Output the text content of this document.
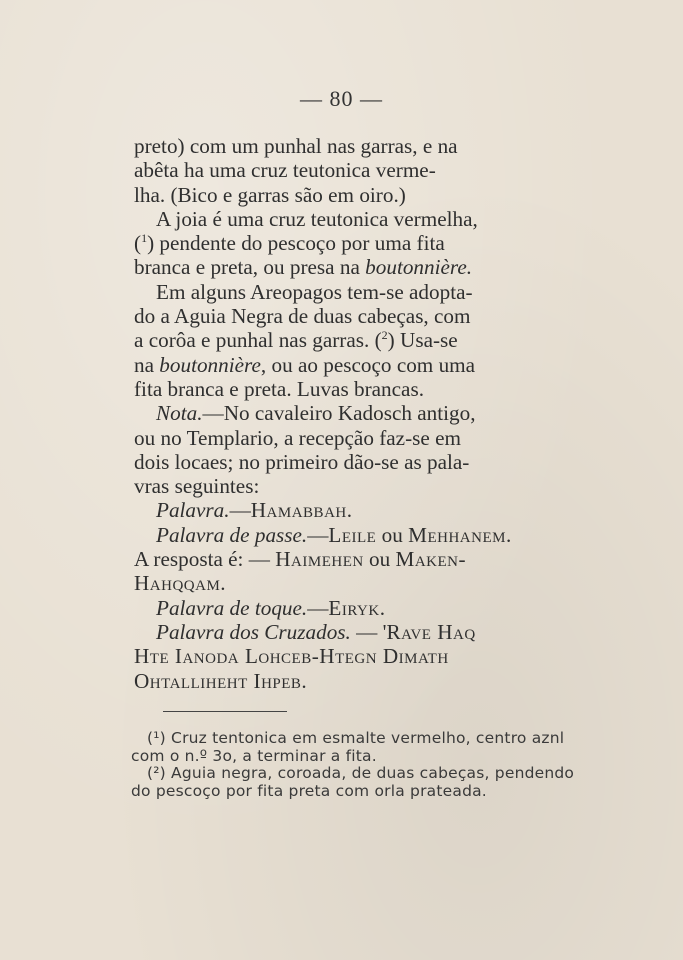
— 80 —
preto) com um punhal nas garras, e na
abêta ha uma cruz teutonica verme-
lha. (Bico e garras são em oiro.)
A joia é uma cruz teutonica vermelha,
($^1$) pendente do pescoço por uma fita
branca e preta, ou presa na boutonnière.
Em alguns Areopagos tem-se adopta-
do a Aguia Negra de duas cabeças, com
a corôa e punhal nas garras. ($^2$) Usa-se
na boutonnière, ou ao pescoço com uma
fita branca e preta. Luvas brancas.
Nota.—No cavaleiro Kadosch antigo,
ou no Templario, a recepção faz-se em
dois locaes; no primeiro dão-se as pala-
vras seguintes:
Palavra.—Hamabbah.
Palavra de passe.—Leile ou Mehhanem.
A resposta é: — Haimehen ou Maken-
Hahqqam.
Palavra de toque.—Eiryk.
Palavra dos Cruzados. — 'Rave Haq
Hte Ianoda Lohceb-Htegn Dimath
Ohtalliheht Ihpeb.
(¹) Cruz tentonica em esmalte vermelho, centro aznl
com o n.º 3o, a terminar a fita.
(²) Aguia negra, coroada, de duas cabeças, pendendo
do pescoço por fita preta com orla prateada.
